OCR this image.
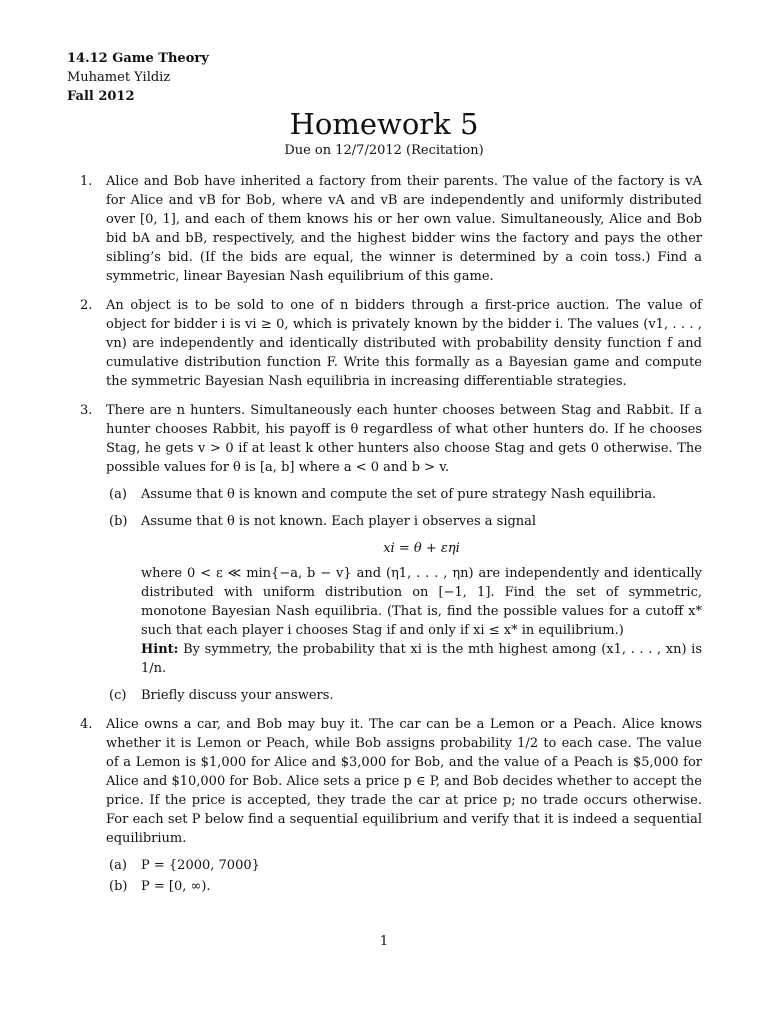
14.12 Game Theory
Muhamet Yildiz
Fall 2012
Homework 5
Due on 12/7/2012 (Recitation)
1. Alice and Bob have inherited a factory from their parents. The value of the factory is vA for Alice and vB for Bob, where vA and vB are independently and uniformly distributed over [0, 1], and each of them knows his or her own value. Simultaneously, Alice and Bob bid bA and bB, respectively, and the highest bidder wins the factory and pays the other sibling’s bid. (If the bids are equal, the winner is determined by a coin toss.) Find a symmetric, linear Bayesian Nash equilibrium of this game.

2. An object is to be sold to one of n bidders through a first-price auction. The value of object for bidder i is vi ≥ 0, which is privately known by the bidder i. The values (v1, . . . , vn) are independently and identically distributed with probability density function f and cumulative distribution function F. Write this formally as a Bayesian game and compute the symmetric Bayesian Nash equilibria in increasing differentiable strategies.

3. There are n hunters. Simultaneously each hunter chooses between Stag and Rabbit. If a hunter chooses Rabbit, his payoff is θ regardless of what other hunters do. If he chooses Stag, he gets v > 0 if at least k other hunters also choose Stag and gets 0 otherwise. The possible values for θ is [a, b] where a < 0 and b > v.

(a) Assume that θ is known and compute the set of pure strategy Nash equilibria.

(b) Assume that θ is not known. Each player i observes a signal

xi = θ + εηi

where 0 < ε ≪ min{−a, b − v} and (η1, . . . , ηn) are independently and identically distributed with uniform distribution on [−1, 1]. Find the set of symmetric, monotone Bayesian Nash equilibria. (That is, find the possible values for a cutoff x* such that each player i chooses Stag if and only if xi ≤ x* in equilibrium.)

Hint: By symmetry, the probability that xi is the mth highest among (x1, . . . , xn) is 1/n.

(c) Briefly discuss your answers.

4. Alice owns a car, and Bob may buy it. The car can be a Lemon or a Peach. Alice knows whether it is Lemon or Peach, while Bob assigns probability 1/2 to each case. The value of a Lemon is $1,000 for Alice and $3,000 for Bob, and the value of a Peach is $5,000 for Alice and $10,000 for Bob. Alice sets a price p ∈ P, and Bob decides whether to accept the price. If the price is accepted, they trade the car at price p; no trade occurs otherwise. For each set P below find a sequential equilibrium and verify that it is indeed a sequential equilibrium.

(a) P = {2000, 7000}

(b) P = [0, ∞).

1
